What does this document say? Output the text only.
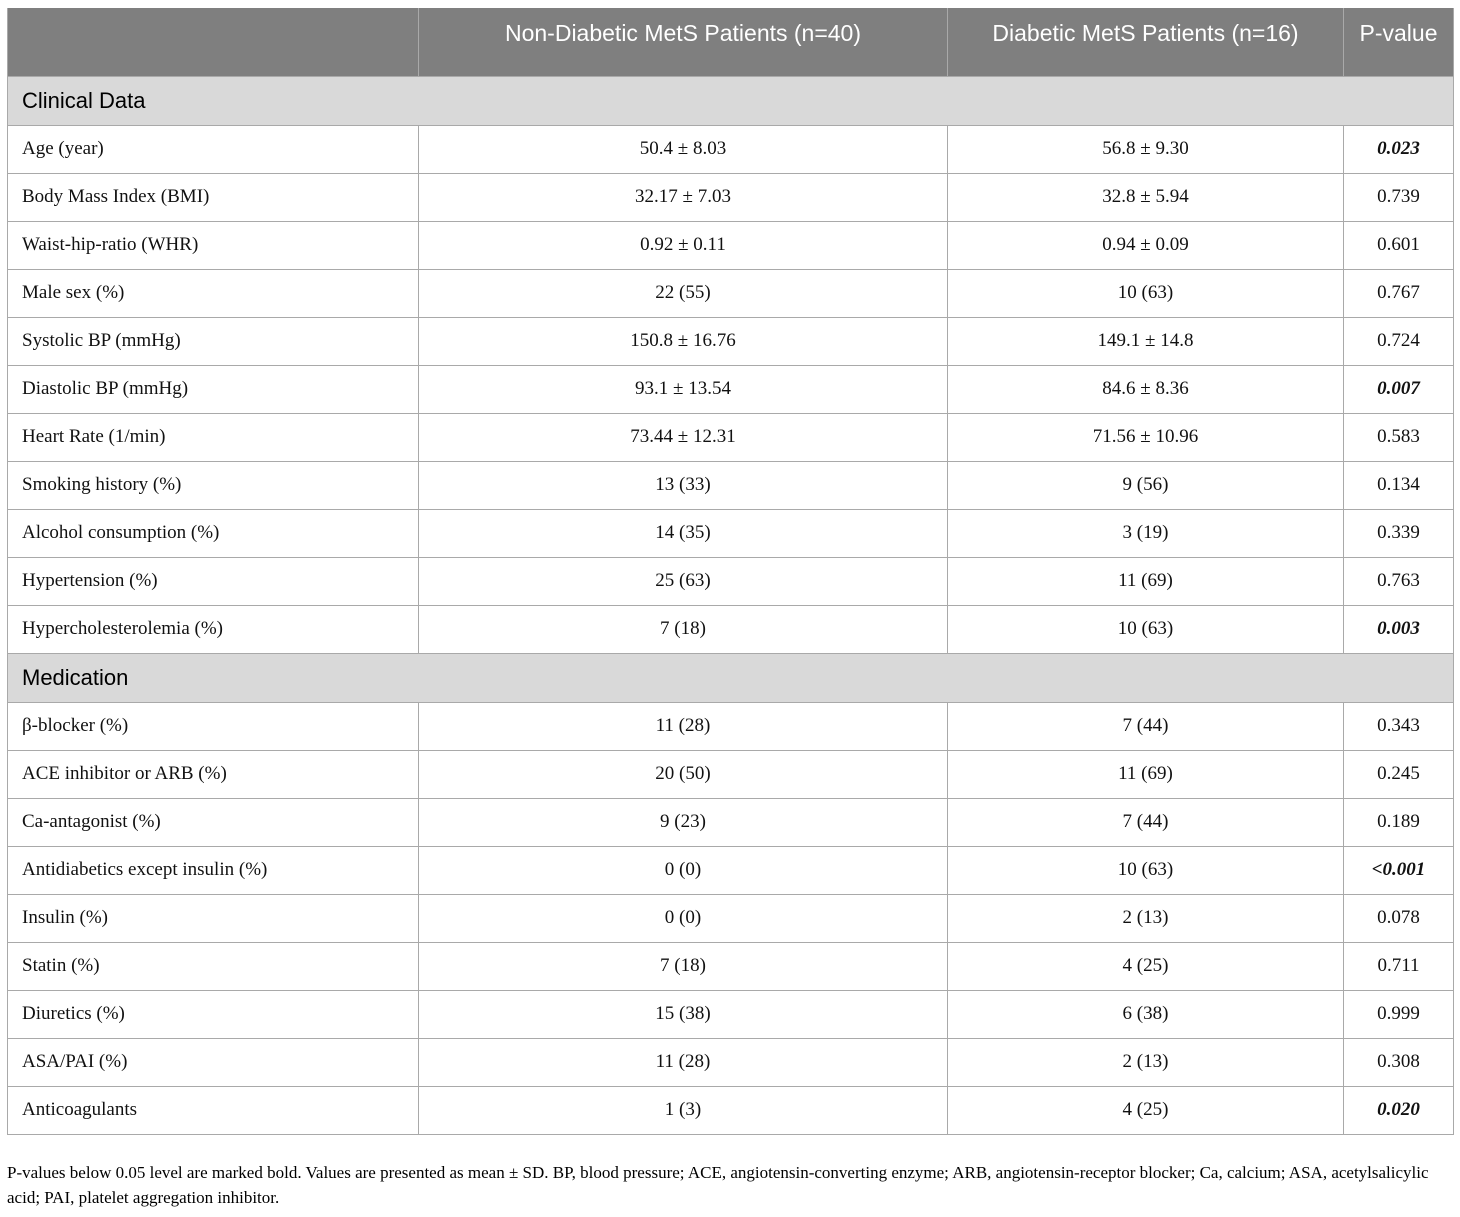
	Non-Diabetic MetS Patients (n=40)	Diabetic MetS Patients (n=16)	P-value
Clinical Data			
Age (year)	50.4 ± 8.03	56.8 ± 9.30	0.023
Body Mass Index (BMI)	32.17 ± 7.03	32.8 ± 5.94	0.739
Waist-hip-ratio (WHR)	0.92 ± 0.11	0.94 ± 0.09	0.601
Male sex (%)	22 (55)	10 (63)	0.767
Systolic BP (mmHg)	150.8 ± 16.76	149.1 ± 14.8	0.724
Diastolic BP (mmHg)	93.1 ± 13.54	84.6 ± 8.36	0.007
Heart Rate (1/min)	73.44 ± 12.31	71.56 ± 10.96	0.583
Smoking history (%)	13 (33)	9 (56)	0.134
Alcohol consumption (%)	14 (35)	3 (19)	0.339
Hypertension (%)	25 (63)	11 (69)	0.763
Hypercholesterolemia (%)	7 (18)	10 (63)	0.003
Medication			
β-blocker (%)	11 (28)	7 (44)	0.343
ACE inhibitor or ARB (%)	20 (50)	11 (69)	0.245
Ca-antagonist (%)	9 (23)	7 (44)	0.189
Antidiabetics except insulin (%)	0 (0)	10 (63)	<0.001
Insulin (%)	0 (0)	2 (13)	0.078
Statin (%)	7 (18)	4 (25)	0.711
Diuretics (%)	15 (38)	6 (38)	0.999
ASA/PAI (%)	11 (28)	2 (13)	0.308
Anticoagulants	1 (3)	4 (25)	0.020
P-values below 0.05 level are marked bold. Values are presented as mean ± SD. BP, blood pressure; ACE, angiotensin-converting enzyme; ARB, angiotensin-receptor blocker; Ca, calcium; ASA, acetylsalicylic acid; PAI, platelet aggregation inhibitor.
